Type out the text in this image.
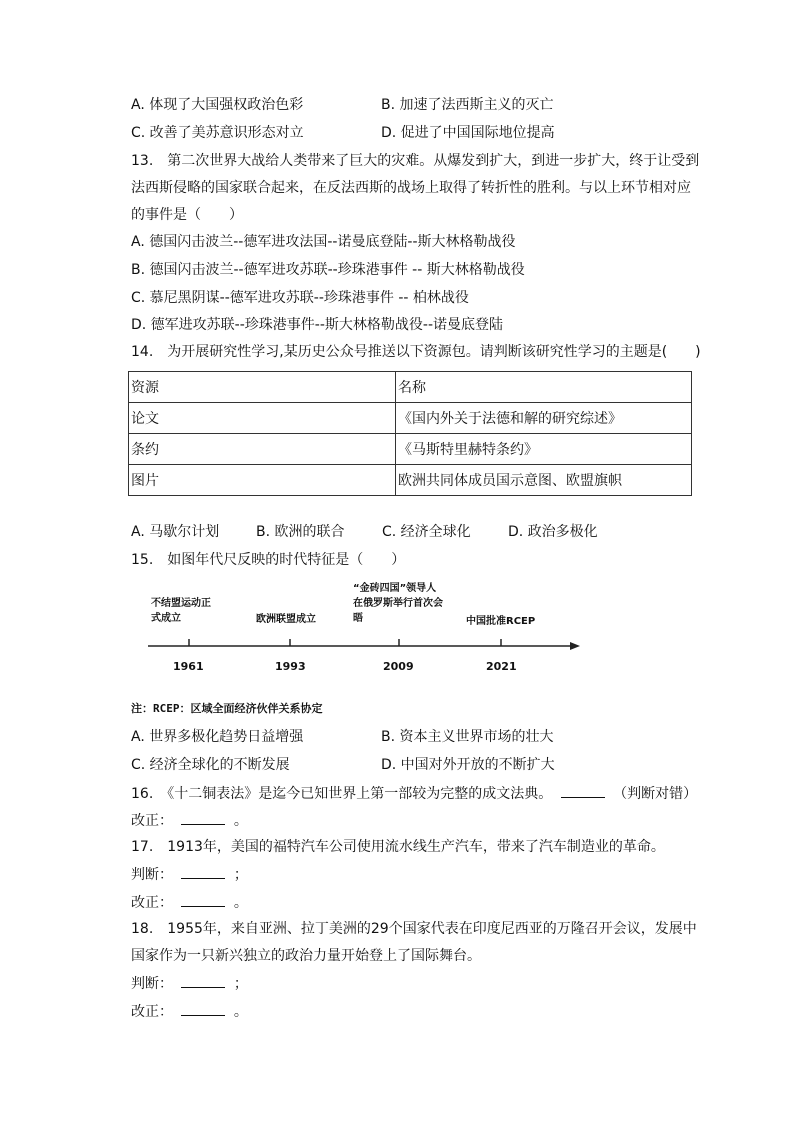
A. 体现了大国强权政治色彩	B. 加速了法西斯主义的灭亡
C. 改善了美苏意识形态对立	D. 促进了中国国际地位提高
13.　第二次世界大战给人类带来了巨大的灾难。从爆发到扩大，到进一步扩大，终于让受到
法西斯侵略的国家联合起来，在反法西斯的战场上取得了转折性的胜利。与以上环节相对应
的事件是（　　）
A. 德国闪击波兰--德军进攻法国--诺曼底登陆--斯大林格勒战役
B. 德国闪击波兰--德军进攻苏联--珍珠港事件 -- 斯大林格勒战役
C. 慕尼黑阴谋--德军进攻苏联--珍珠港事件 -- 柏林战役
D. 德军进攻苏联--珍珠港事件--斯大林格勒战役--诺曼底登陆
14.　为开展研究性学习,某历史公众号推送以下资源包。请判断该研究性学习的主题是(　　)
资源	名称
论文	《国内外关于法德和解的研究综述》
条约	《马斯特里赫特条约》
图片	欧洲共同体成员国示意图、欧盟旗帜
A. 马歇尔计划	B. 欧洲的联合	C. 经济全球化	D. 政治多极化
15.　如图年代尺反映的时代特征是（　　）
不结盟运动正
式成立	欧洲联盟成立
“金砖四国”领导人
在俄罗斯举行首次会
晤	中国批准RCEP
1961	1993	2009	2021
注：RCEP：区域全面经济伙伴关系协定
A. 世界多极化趋势日益增强	B. 资本主义世界市场的壮大
C. 经济全球化的不断发展	D. 中国对外开放的不断扩大
16.　《十二铜表法》是迄今已知世界上第一部较为完整的成文法典。	（判断对错）
改正：	。
17.　1913年，美国的福特汽车公司使用流水线生产汽车，带来了汽车制造业的革命。
判断：	；
改正：	。
18.　1955年，来自亚洲、拉丁美洲的29个国家代表在印度尼西亚的万隆召开会议，发展中
国家作为一只新兴独立的政治力量开始登上了国际舞台。
判断：	；
改正：	。
